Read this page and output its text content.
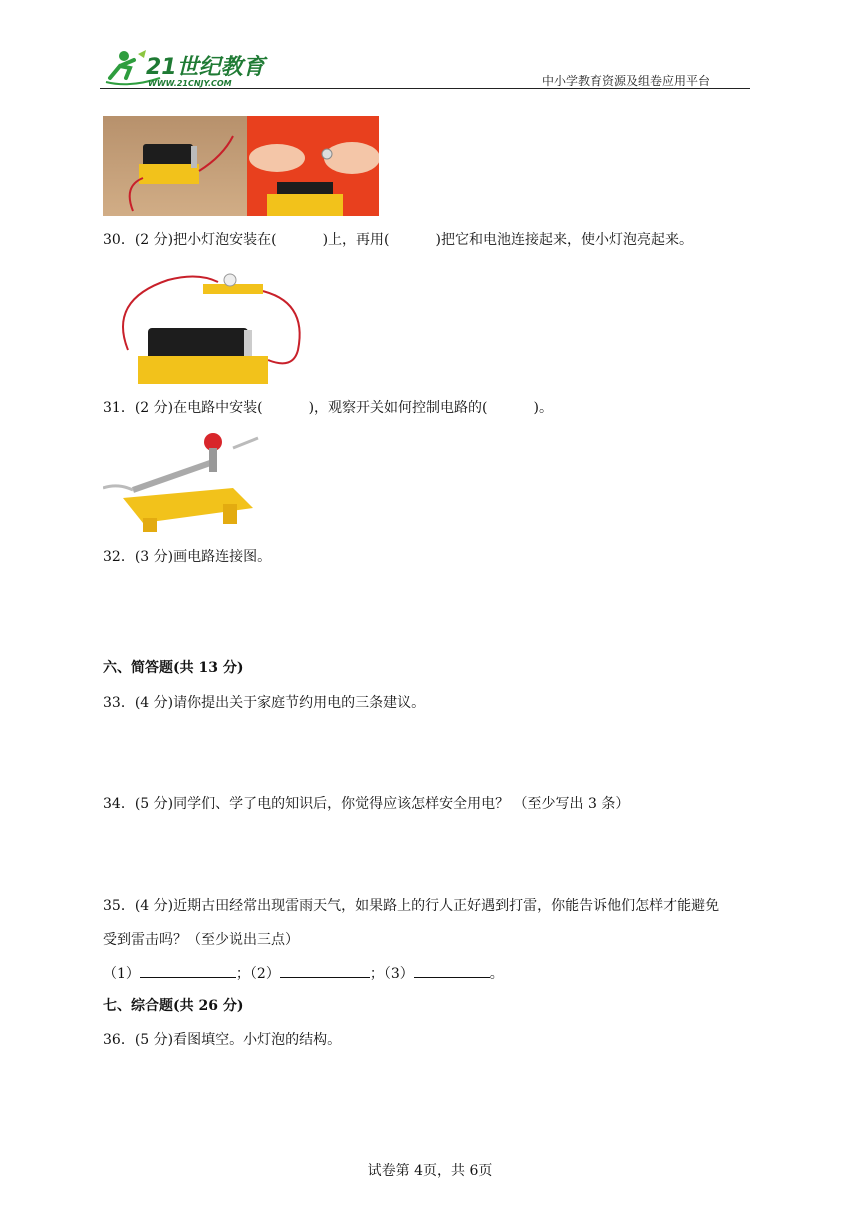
21世纪教育
WWW.21CNJY.COM	中小学教育资源及组卷应用平台
30．(2 分)把小灯泡安装在(	)上，再用(	)把它和电池连接起来，使小灯泡亮起来。
31．(2 分)在电路中安装(	)，观察开关如何控制电路的(	)。
32．(3 分)画电路连接图。
六、简答题(共 13 分)
33．(4 分)请你提出关于家庭节约用电的三条建议。
34．(5 分)同学们、学了电的知识后，你觉得应该怎样安全用电？ （至少写出 3 条）
35．(4 分)近期古田经常出现雷雨天气，如果路上的行人正好遇到打雷，你能告诉他们怎样才能避免
受到雷击吗？（至少说出三点）
（1）	；（2）	；（3）	。
七、综合题(共 26 分)
36．(5 分)看图填空。小灯泡的结构。
试卷第 4页，共 6页
